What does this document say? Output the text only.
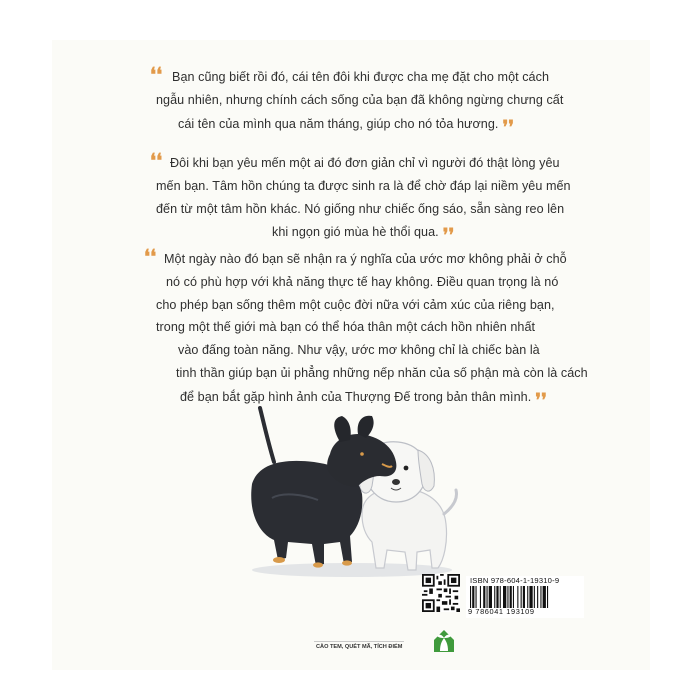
❛❛ Bạn cũng biết rồi đó, cái tên đôi khi được cha mẹ đặt cho một cách
ngẫu nhiên, nhưng chính cách sống của bạn đã không ngừng chưng cất
cái tên của mình qua năm tháng, giúp cho nó tỏa hương. ❜❜
❛❛ Đôi khi bạn yêu mến một ai đó đơn giản chỉ vì người đó thật lòng yêu
mến bạn. Tâm hồn chúng ta được sinh ra là để chờ đáp lại niềm yêu mến
đến từ một tâm hồn khác. Nó giống như chiếc ống sáo, sẵn sàng reo lên
khi ngọn gió mùa hè thổi qua. ❜❜
❛❛ Một ngày nào đó bạn sẽ nhận ra ý nghĩa của ước mơ không phải ở chỗ
nó có phù hợp với khả năng thực tế hay không. Điều quan trọng là nó
cho phép bạn sống thêm một cuộc đời nữa với cảm xúc của riêng bạn,
trong một thế giới mà bạn có thể hóa thân một cách hồn nhiên nhất
vào đấng toàn năng. Như vậy, ước mơ không chỉ là chiếc bàn là
tinh thần giúp bạn ủi phẳng những nếp nhăn của số phận mà còn là cách
để bạn bắt gặp hình ảnh của Thượng Đế trong bản thân mình. ❜❜
ISBN 978-604-1-19310-9
9 786041 193109
CÀO TEM, QUÉT MÃ, TÍCH ĐIỂM
